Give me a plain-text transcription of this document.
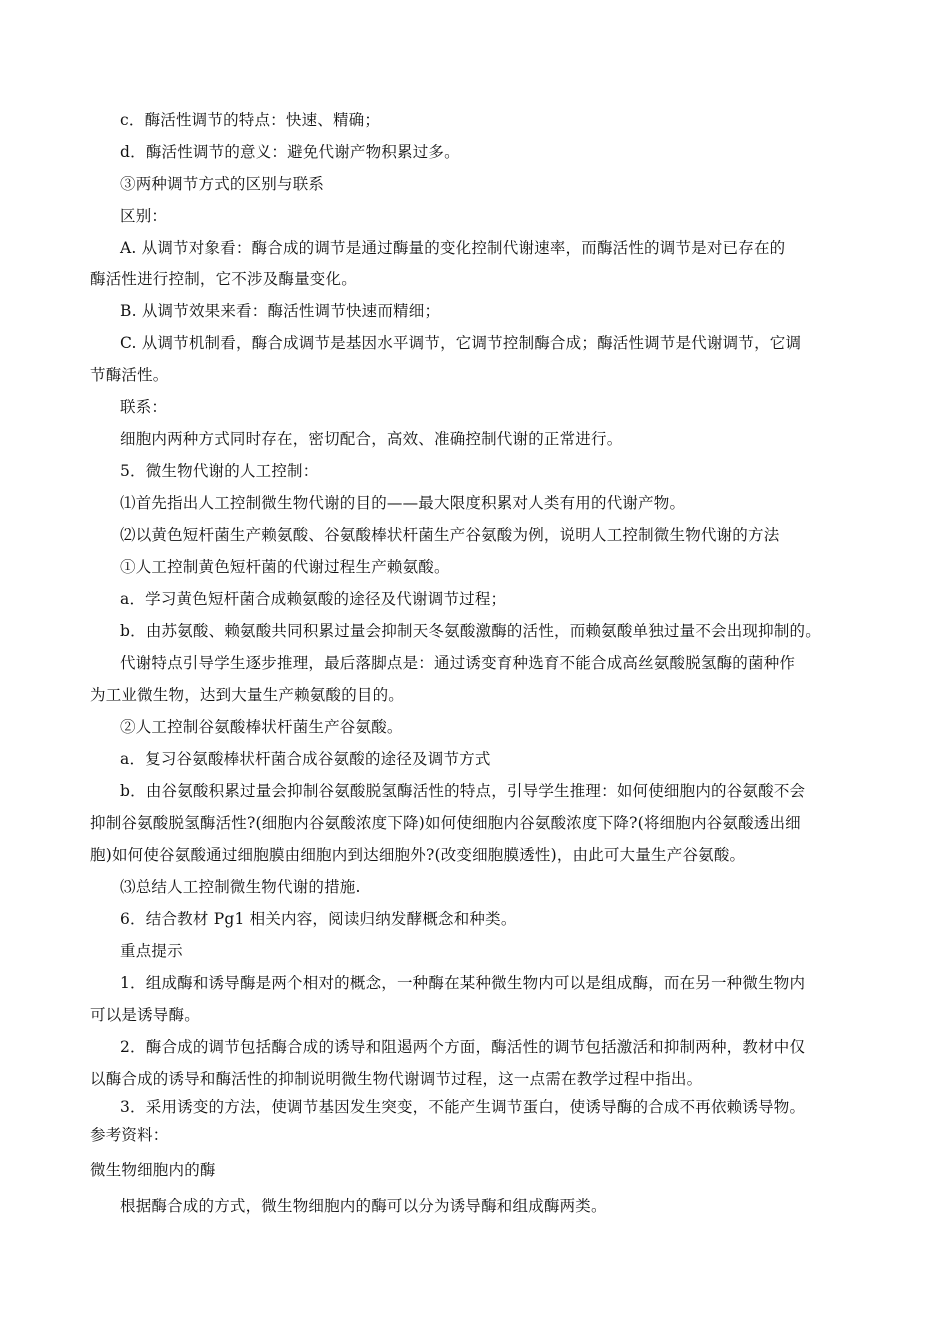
c．酶活性调节的特点：快速、精确；
d．酶活性调节的意义：避免代谢产物积累过多。
③两种调节方式的区别与联系
区别：
A. 从调节对象看：酶合成的调节是通过酶量的变化控制代谢速率，而酶活性的调节是对已存在的
酶活性进行控制，它不涉及酶量变化。
B. 从调节效果来看：酶活性调节快速而精细；
C. 从调节机制看，酶合成调节是基因水平调节，它调节控制酶合成；酶活性调节是代谢调节，它调
节酶活性。
联系：
细胞内两种方式同时存在，密切配合，高效、准确控制代谢的正常进行。
5．微生物代谢的人工控制：
⑴首先指出人工控制微生物代谢的目的——最大限度积累对人类有用的代谢产物。
⑵以黄色短杆菌生产赖氨酸、谷氨酸棒状杆菌生产谷氨酸为例，说明人工控制微生物代谢的方法
①人工控制黄色短杆菌的代谢过程生产赖氨酸。
a．学习黄色短杆菌合成赖氨酸的途径及代谢调节过程；
b．由苏氨酸、赖氨酸共同积累过量会抑制天冬氨酸激酶的活性，而赖氨酸单独过量不会出现抑制的。
代谢特点引导学生逐步推理，最后落脚点是：通过诱变育种选育不能合成高丝氨酸脱氢酶的菌种作
为工业微生物，达到大量生产赖氨酸的目的。
②人工控制谷氨酸棒状杆菌生产谷氨酸。
a．复习谷氨酸棒状杆菌合成谷氨酸的途径及调节方式
b．由谷氨酸积累过量会抑制谷氨酸脱氢酶活性的特点，引导学生推理：如何使细胞内的谷氨酸不会
抑制谷氨酸脱氢酶活性?(细胞内谷氨酸浓度下降)如何使细胞内谷氨酸浓度下降?(将细胞内谷氨酸透出细
胞)如何使谷氨酸通过细胞膜由细胞内到达细胞外?(改变细胞膜透性)，由此可大量生产谷氨酸。
⑶总结人工控制微生物代谢的措施.
6．结合教材 Pg1 相关内容，阅读归纳发酵概念和种类。
重点提示
1．组成酶和诱导酶是两个相对的概念，一种酶在某种微生物内可以是组成酶，而在另一种微生物内
可以是诱导酶。
2．酶合成的调节包括酶合成的诱导和阻遏两个方面，酶活性的调节包括激活和抑制两种，教材中仅
以酶合成的诱导和酶活性的抑制说明微生物代谢调节过程，这一点需在教学过程中指出。
3．采用诱变的方法，使调节基因发生突变，不能产生调节蛋白，使诱导酶的合成不再依赖诱导物。
参考资料：
微生物细胞内的酶
根据酶合成的方式，微生物细胞内的酶可以分为诱导酶和组成酶两类。
